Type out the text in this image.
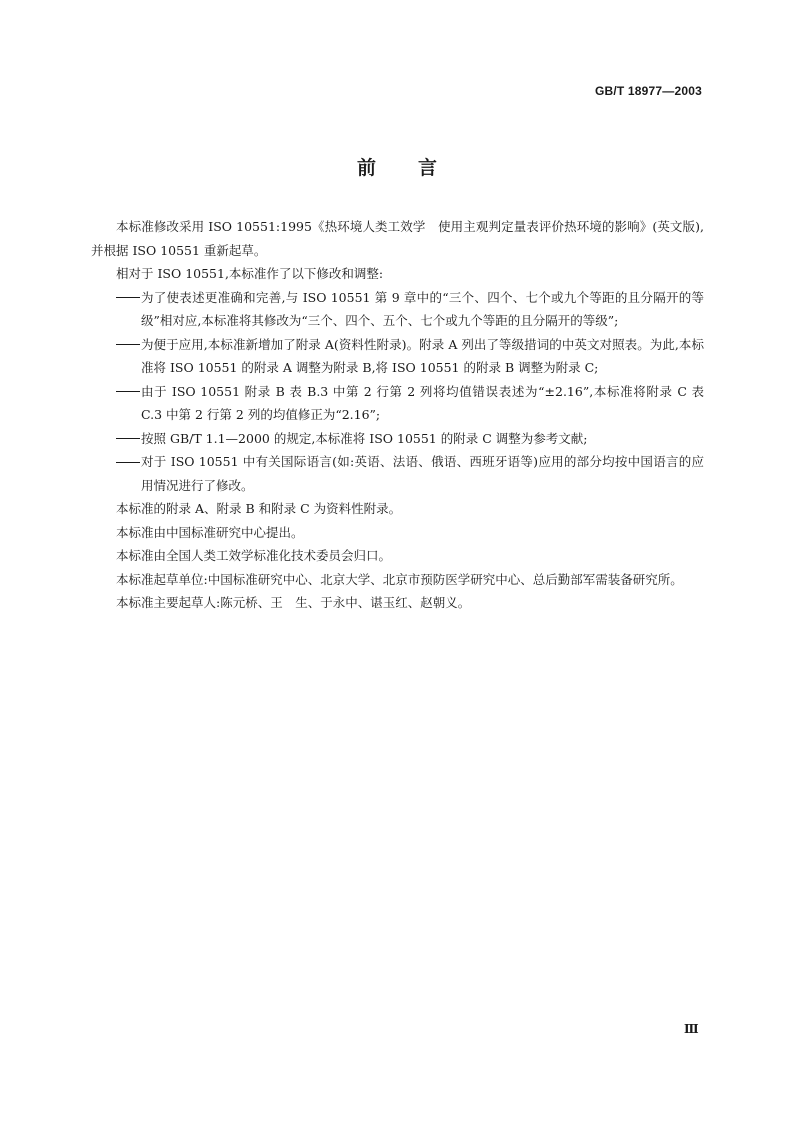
GB/T 18977—2003
前 言

本标准修改采用 ISO 10551:1995《热环境人类工效学　使用主观判定量表评价热环境的影响》(英文版),并根据 ISO 10551 重新起草。

相对于 ISO 10551,本标准作了以下修改和调整:

为了使表述更准确和完善,与 ISO 10551 第 9 章中的“三个、四个、七个或九个等距的且分隔开的等级”相对应,本标准将其修改为“三个、四个、五个、七个或九个等距的且分隔开的等级”;

为便于应用,本标准新增加了附录 A(资料性附录)。附录 A 列出了等级措词的中英文对照表。为此,本标准将 ISO 10551 的附录 A 调整为附录 B,将 ISO 10551 的附录 B 调整为附录 C;

由于 ISO 10551 附录 B 表 B.3 中第 2 行第 2 列将均值错误表述为“±2.16”,本标准将附录 C 表 C.3 中第 2 行第 2 列的均值修正为“2.16”;

按照 GB/T 1.1—2000 的规定,本标准将 ISO 10551 的附录 C 调整为参考文献;

对于 ISO 10551 中有关国际语言(如:英语、法语、俄语、西班牙语等)应用的部分均按中国语言的应用情况进行了修改。

本标准的附录 A、附录 B 和附录 C 为资料性附录。

本标准由中国标准研究中心提出。

本标准由全国人类工效学标准化技术委员会归口。

本标准起草单位:中国标准研究中心、北京大学、北京市预防医学研究中心、总后勤部军需装备研究所。

本标准主要起草人:陈元桥、王　生、于永中、谌玉红、赵朝义。

Ⅲ
